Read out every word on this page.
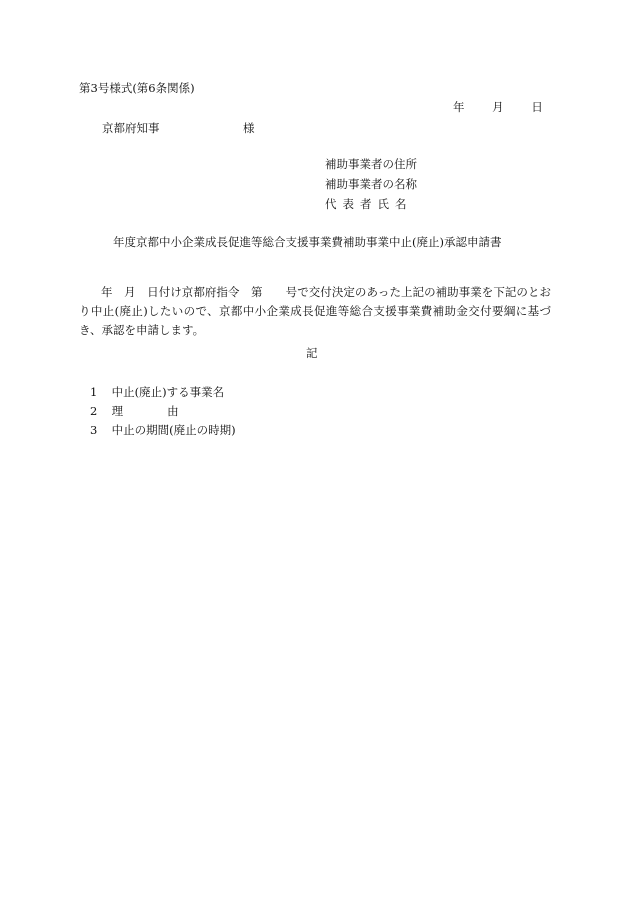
第3号様式(第6条関係)
年 月 日
京都府知事	様
補助事業者の住所
補助事業者の名称
代表者氏名
年度京都中小企業成長促進等総合支援事業費補助事業中止(廃止)承認申請書
年　月　日付け京都府指令　第　　号で交付決定のあった上記の補助事業を下記のとおり中止(廃止)したいので、京都中小企業成長促進等総合支援事業費補助金交付要綱に基づき、承認を申請します。
記
1 中止(廃止)する事業名
2 理	由
3 中止の期間(廃止の時期)
